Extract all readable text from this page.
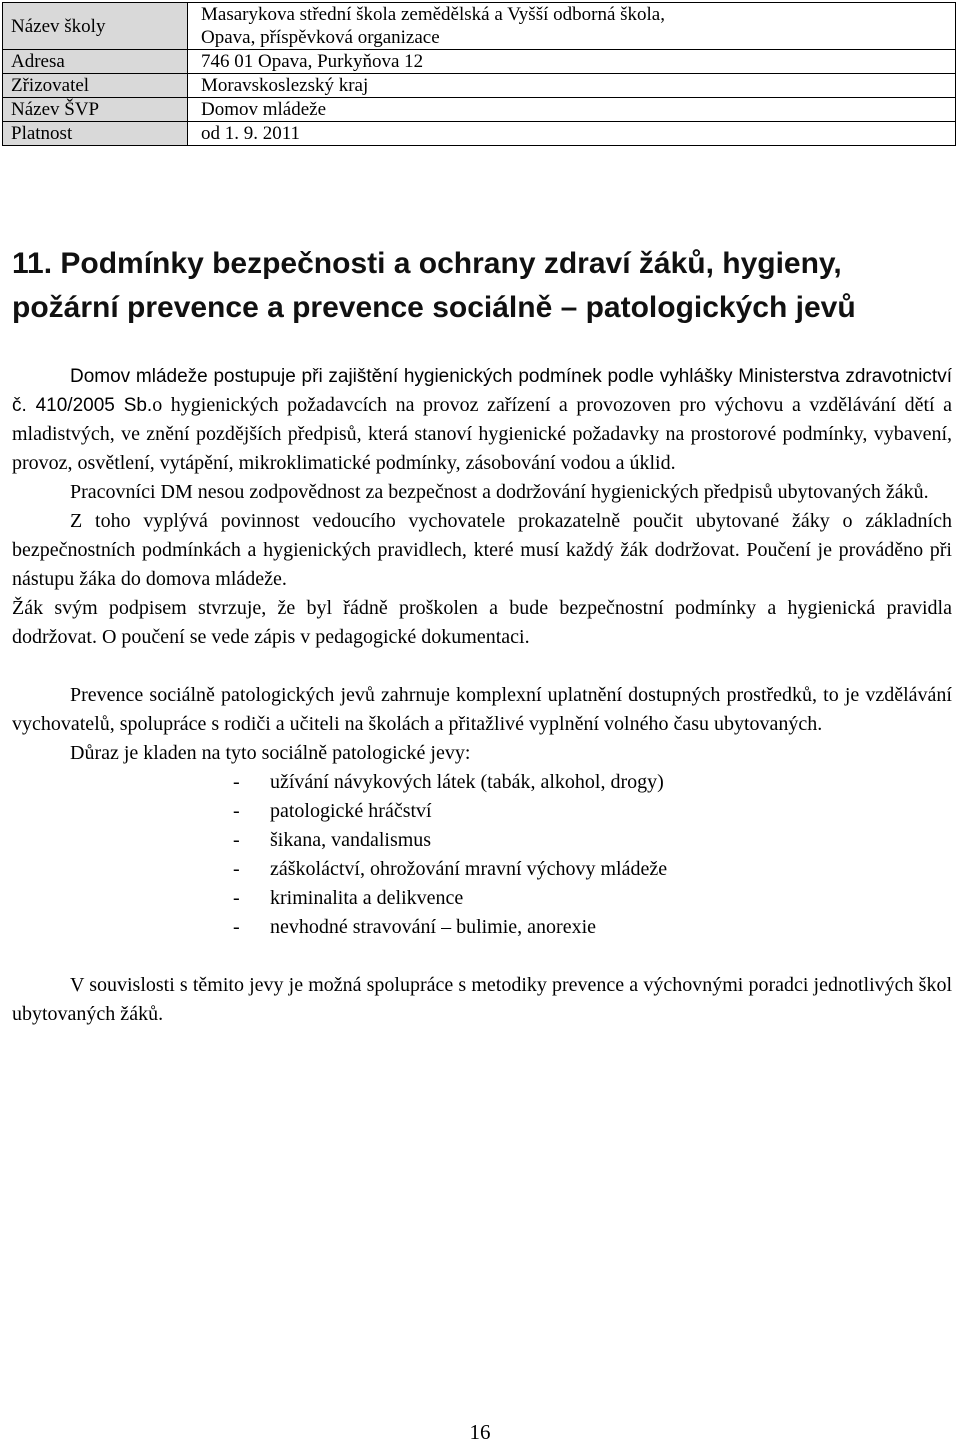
Název školy	Masarykova střední škola zemědělská a Vyšší odborná škola,
Opava, příspěvková organizace

Adresa	746 01 Opava, Purkyňova 12
Zřizovatel	Moravskoslezský kraj
Název ŠVP	Domov mládeže
Platnost	od 1. 9. 2011
11. Podmínky bezpečnosti a ochrany zdraví žáků, hygieny,
požární prevence a prevence sociálně – patologických jevů

Domov mládeže postupuje při zajištění hygienických podmínek podle vyhlášky Ministerstva zdravotnictví č. 410/2005 Sb.o hygienických požadavcích na provoz zařízení a provozoven pro výchovu a vzdělávání dětí a mladistvých, ve znění pozdějších předpisů, která stanoví hygienické požadavky na prostorové podmínky, vybavení, provoz, osvětlení, vytápění, mikroklimatické podmínky, zásobování vodou a úklid.

Pracovníci DM nesou zodpovědnost za bezpečnost a dodržování hygienických předpisů ubytovaných žáků.

Z toho vyplývá povinnost vedoucího vychovatele prokazatelně poučit ubytované žáky o základních bezpečnostních podmínkách a hygienických pravidlech, které musí každý žák dodržovat. Poučení je prováděno při nástupu žáka do domova mládeže.

Žák svým podpisem stvrzuje, že byl řádně proškolen a bude bezpečnostní podmínky a hygienická pravidla dodržovat. O poučení se vede zápis v pedagogické dokumentaci.

Prevence sociálně patologických jevů zahrnuje komplexní uplatnění dostupných prostředků, to je vzdělávání vychovatelů, spolupráce s rodiči a učiteli na školách a přitažlivé vyplnění volného času ubytovaných.

Důraz je kladen na tyto sociálně patologické jevy:

- užívání návykových látek (tabák, alkohol, drogy)
- patologické hráčství
- šikana, vandalismus
- záškoláctví, ohrožování mravní výchovy mládeže
- kriminalita a delikvence
- nevhodné stravování – bulimie, anorexie

V souvislosti s těmito jevy je možná spolupráce s metodiky prevence a výchovnými poradci jednotlivých škol ubytovaných žáků.

16
